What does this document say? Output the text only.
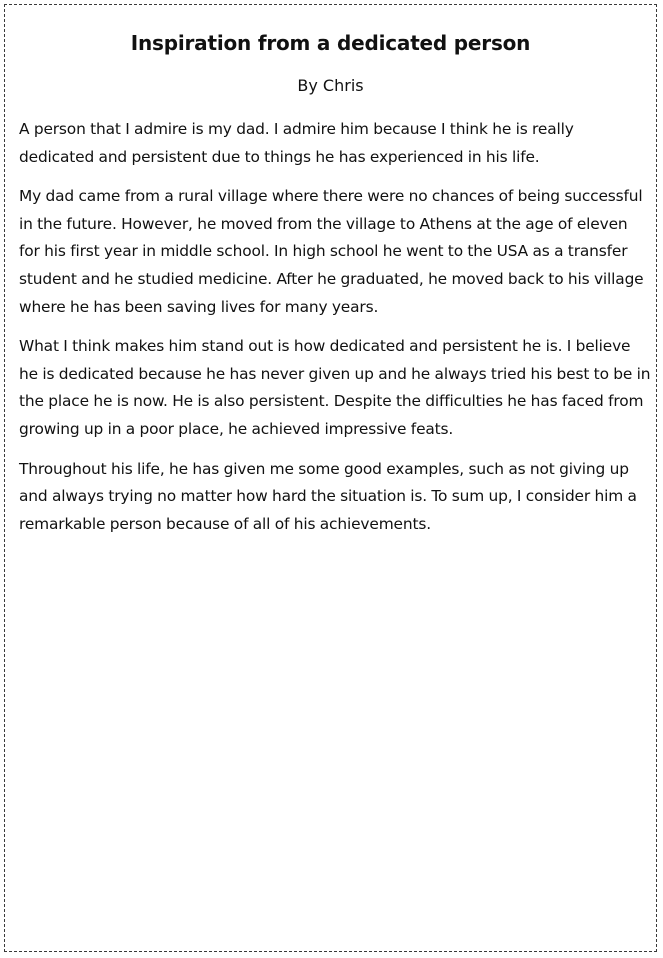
Inspiration from a dedicated person

By Chris

A person that I admire is my dad. I admire him because I think he is really dedicated and persistent due to things he has experienced in his life.

My dad came from a rural village where there were no chances of being successful in the future. However, he moved from the village to Athens at the age of eleven for his first year in middle school. In high school he went to the USA as a transfer student and he studied medicine. After he graduated, he moved back to his village where he has been saving lives for many years.

What I think makes him stand out is how dedicated and persistent he is. I believe he is dedicated because he has never given up and he always tried his best to be in the place he is now. He is also persistent. Despite the difficulties he has faced from growing up in a poor place, he achieved impressive feats.

Throughout his life, he has given me some good examples, such as not giving up and always trying no matter how hard the situation is. To sum up, I consider him a remarkable person because of all of his achievements.
